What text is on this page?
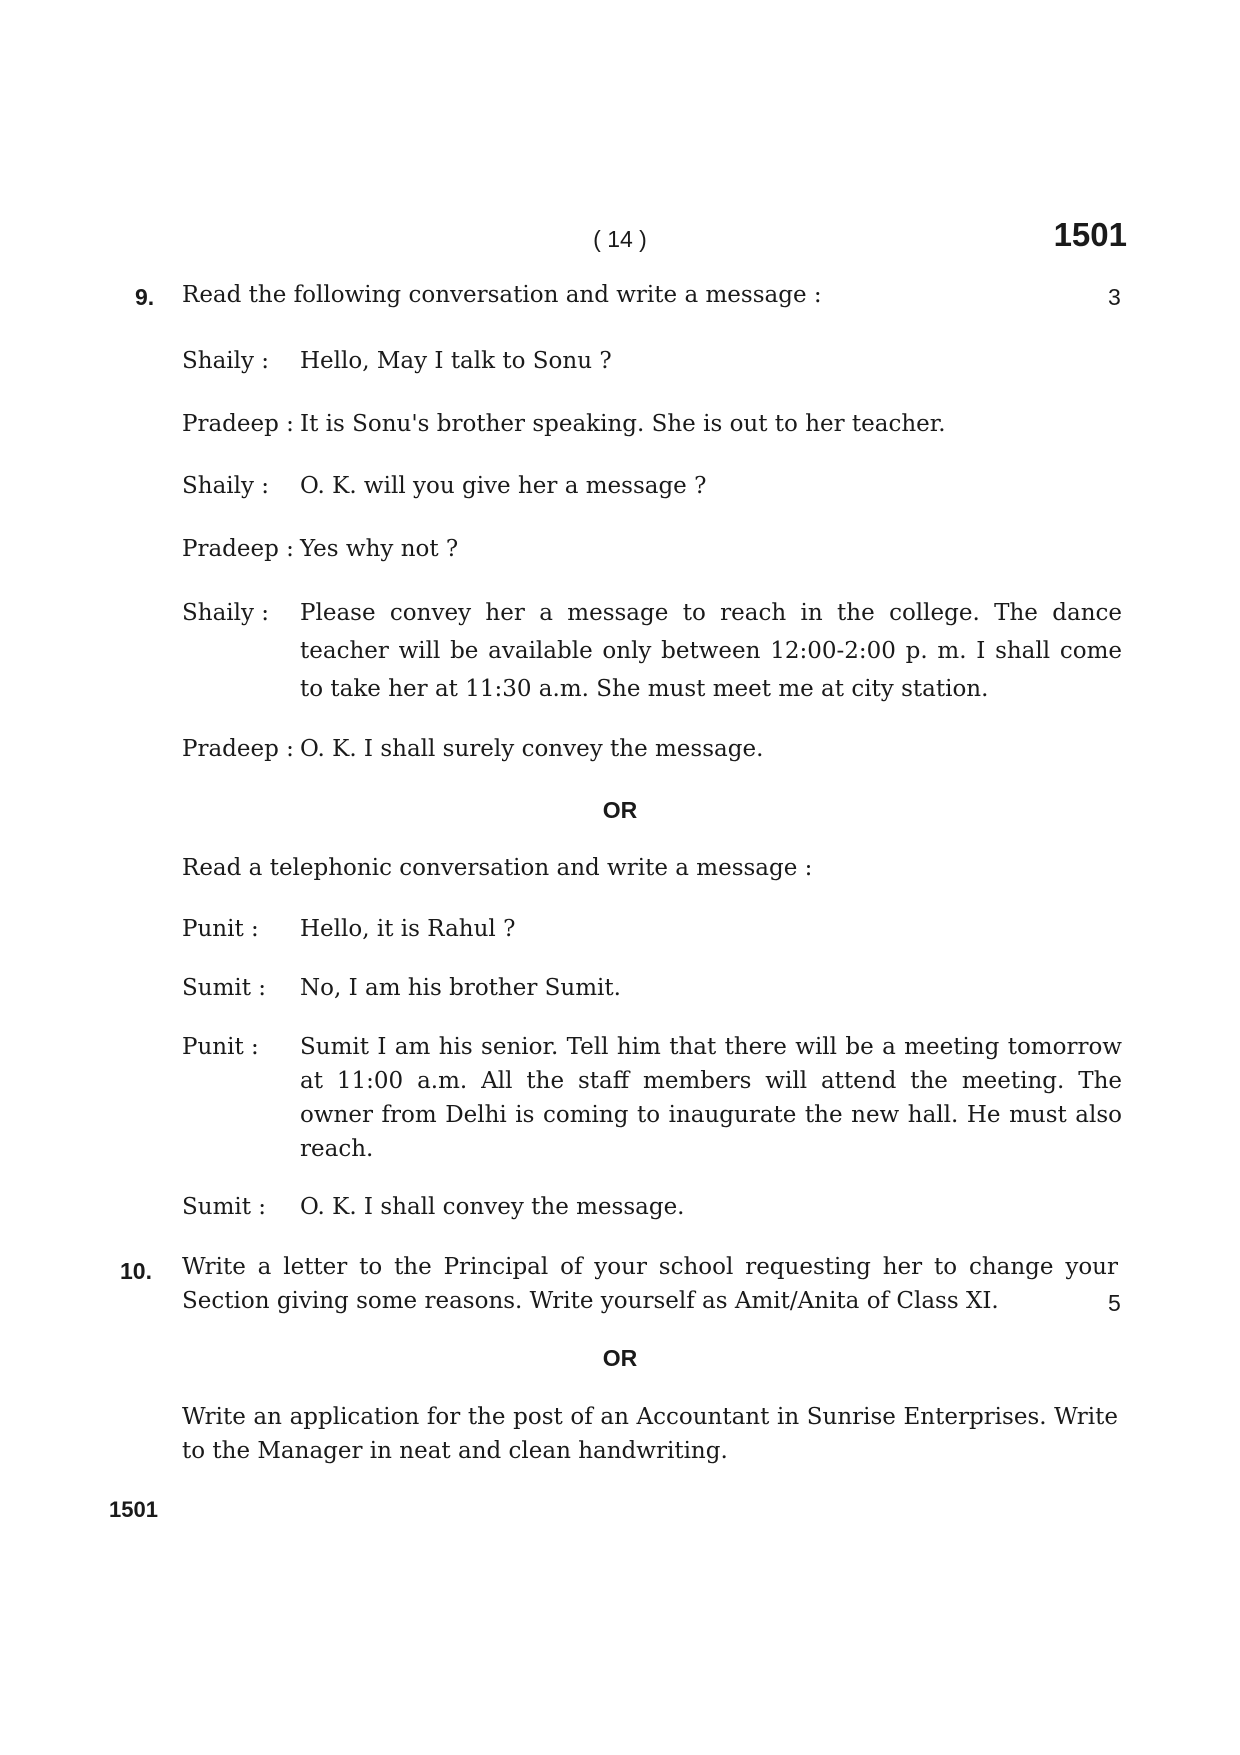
( 14 )	1501
9. Read the following conversation and write a message :	3
Shaily : Hello, May I talk to Sonu ?
Pradeep : It is Sonu's brother speaking. She is out to her teacher.
Shaily : O. K. will you give her a message ?
Pradeep : Yes why not ?
Shaily : Please convey her a message to reach in the college. The dance teacher will be available only between 12:00-2:00 p. m. I shall come to take her at 11:30 a.m. She must meet me at city station.
Pradeep : O. K. I shall surely convey the message.
OR
Read a telephonic conversation and write a message :
Punit : Hello, it is Rahul ?
Sumit : No, I am his brother Sumit.
Punit : Sumit I am his senior. Tell him that there will be a meeting tomorrow at 11:00 a.m. All the staff members will attend the meeting. The owner from Delhi is coming to inaugurate the new hall. He must also reach.
Sumit : O. K. I shall convey the message.
10. Write a letter to the Principal of your school requesting her to change your Section giving some reasons. Write yourself as Amit/Anita of Class XI.	5
OR
Write an application for the post of an Accountant in Sunrise Enterprises. Write to the Manager in neat and clean handwriting.
1501
